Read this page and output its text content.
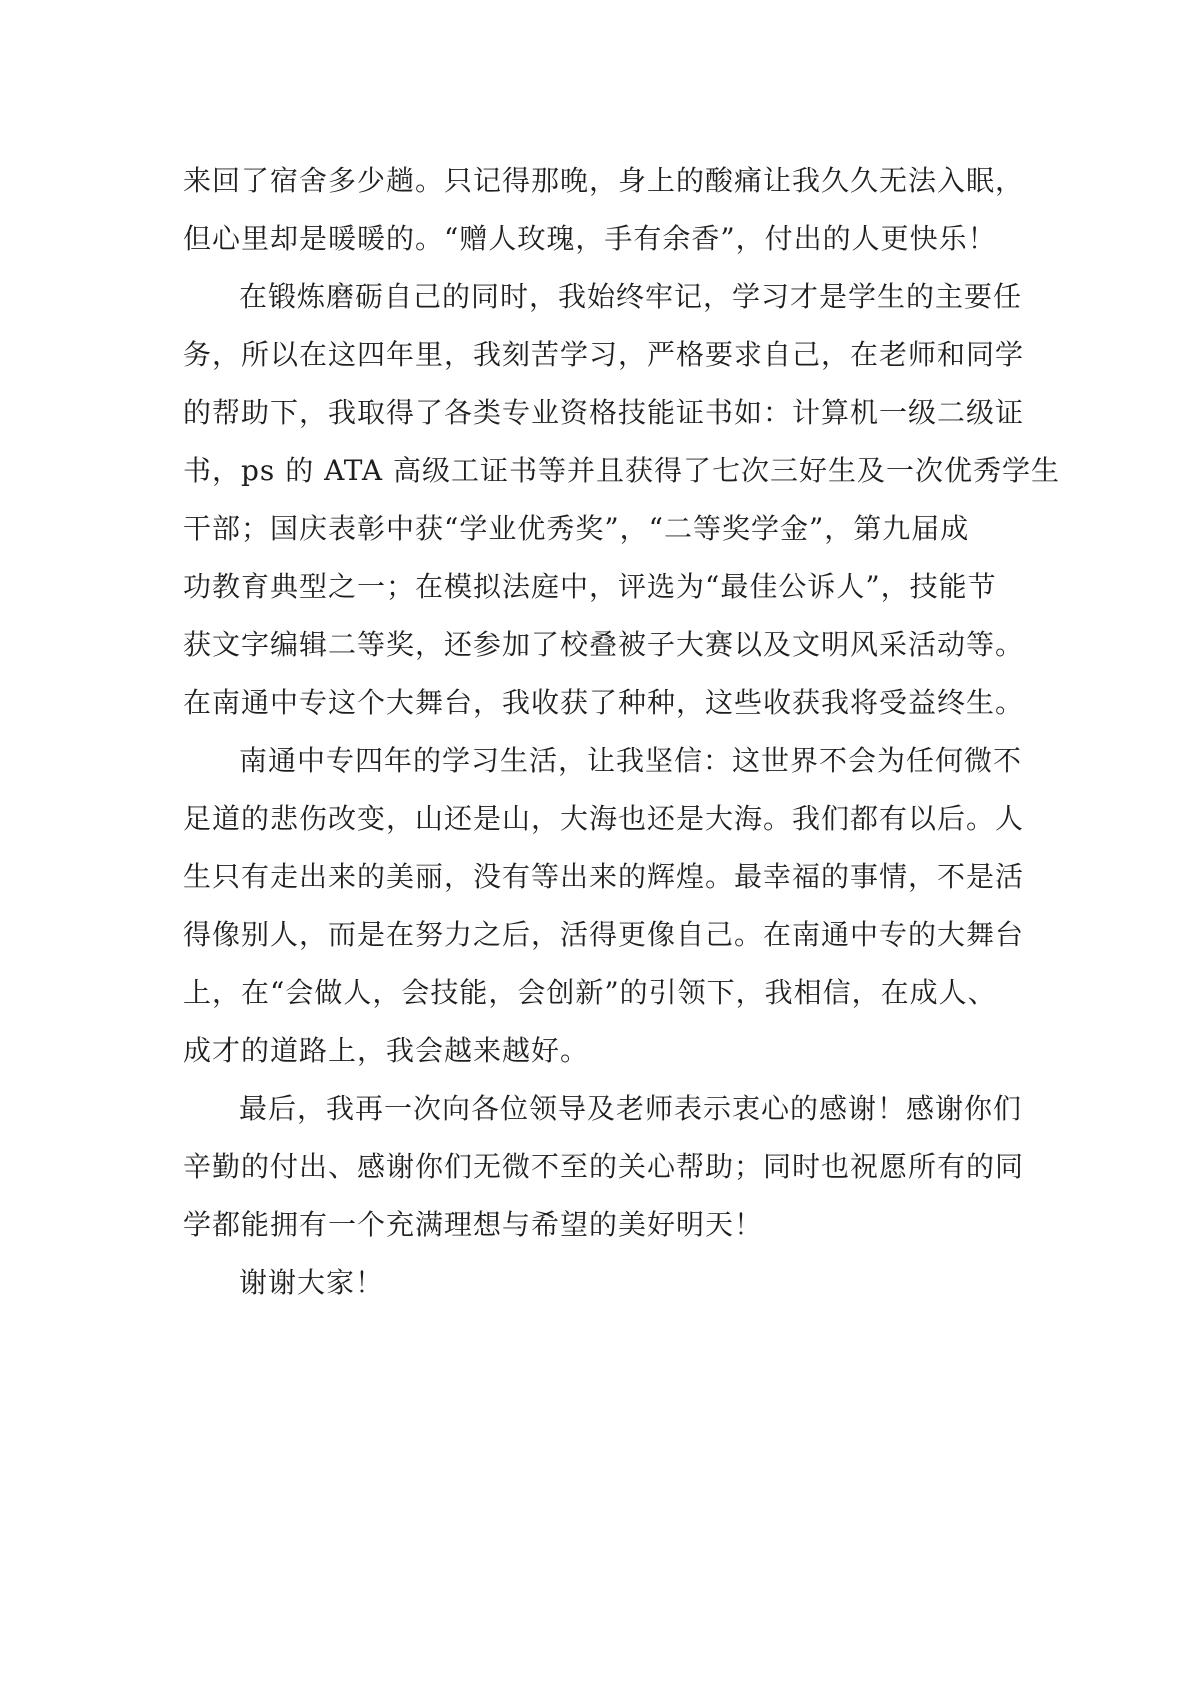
来回了宿舍多少趟。只记得那晚，身上的酸痛让我久久无法入眠，
但心里却是暖暖的。“赠人玫瑰，手有余香”，付出的人更快乐！
在锻炼磨砺自己的同时，我始终牢记，学习才是学生的主要任
务，所以在这四年里，我刻苦学习，严格要求自己，在老师和同学
的帮助下，我取得了各类专业资格技能证书如：计算机一级二级证
书，ps 的 ATA 高级工证书等并且获得了七次三好生及一次优秀学生
干部；国庆表彰中获“学业优秀奖”，“二等奖学金”，第九届成
功教育典型之一；在模拟法庭中，评选为“最佳公诉人”，技能节
获文字编辑二等奖，还参加了校叠被子大赛以及文明风采活动等。
在南通中专这个大舞台，我收获了种种，这些收获我将受益终生。
南通中专四年的学习生活，让我坚信：这世界不会为任何微不
足道的悲伤改变，山还是山，大海也还是大海。我们都有以后。人
生只有走出来的美丽，没有等出来的辉煌。最幸福的事情，不是活
得像别人，而是在努力之后，活得更像自己。在南通中专的大舞台
上，在“会做人，会技能，会创新”的引领下，我相信，在成人、
成才的道路上，我会越来越好。
最后，我再一次向各位领导及老师表示衷心的感谢！感谢你们
辛勤的付出、感谢你们无微不至的关心帮助；同时也祝愿所有的同
学都能拥有一个充满理想与希望的美好明天！
谢谢大家！
